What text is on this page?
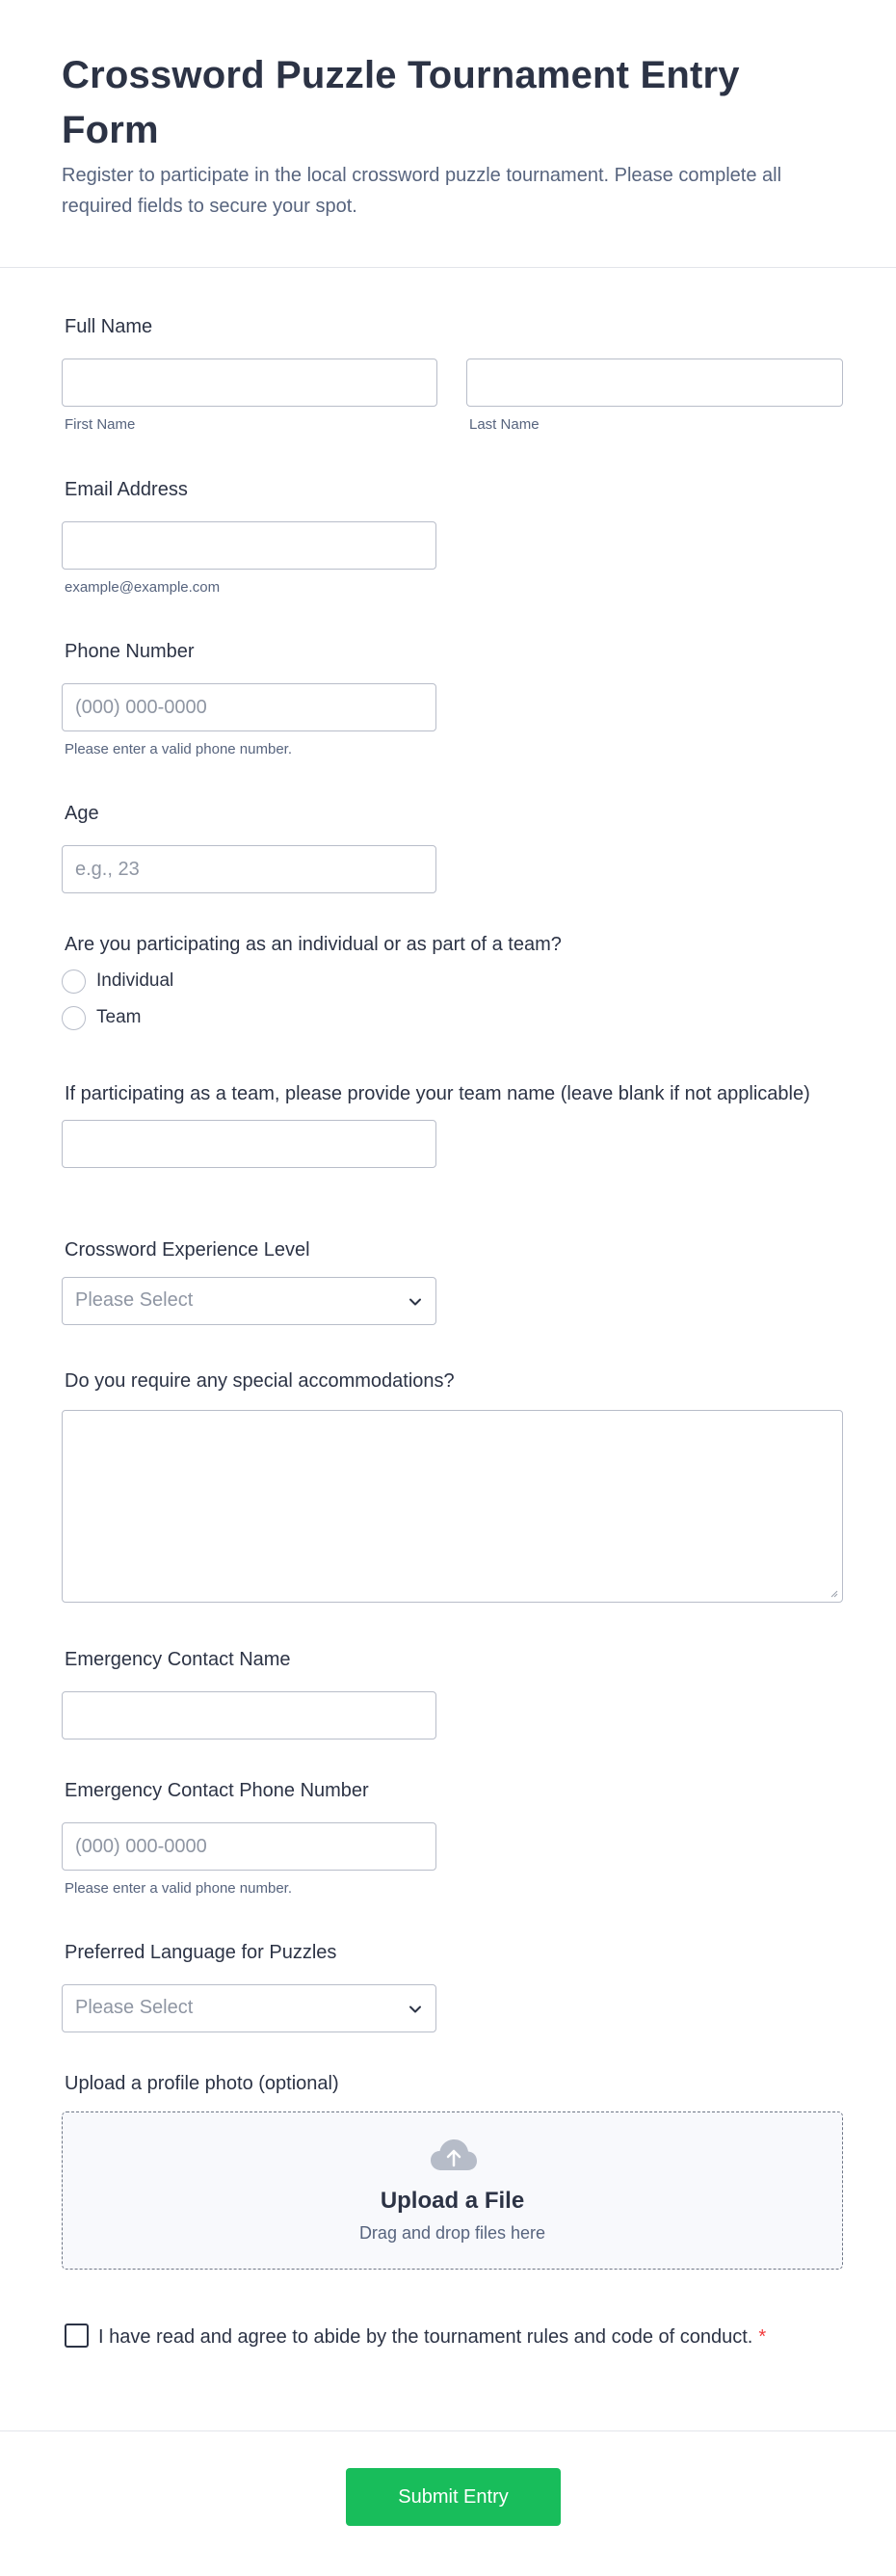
Crossword Puzzle Tournament Entry Form
Register to participate in the local crossword puzzle tournament. Please complete all required fields to secure your spot.
Full Name
First Name	Last Name
Email Address
example@example.com
Phone Number
(000) 000-0000
Please enter a valid phone number.
Age
e.g., 23
Are you participating as an individual or as part of a team?
Individual
Team
If participating as a team, please provide your team name (leave blank if not applicable)
Crossword Experience Level
Please Select
Do you require any special accommodations?
Emergency Contact Name
Emergency Contact Phone Number
(000) 000-0000
Please enter a valid phone number.
Preferred Language for Puzzles
Please Select
Upload a profile photo (optional)
Upload a File
Drag and drop files here
I have read and agree to abide by the tournament rules and code of conduct. *
Submit Entry
